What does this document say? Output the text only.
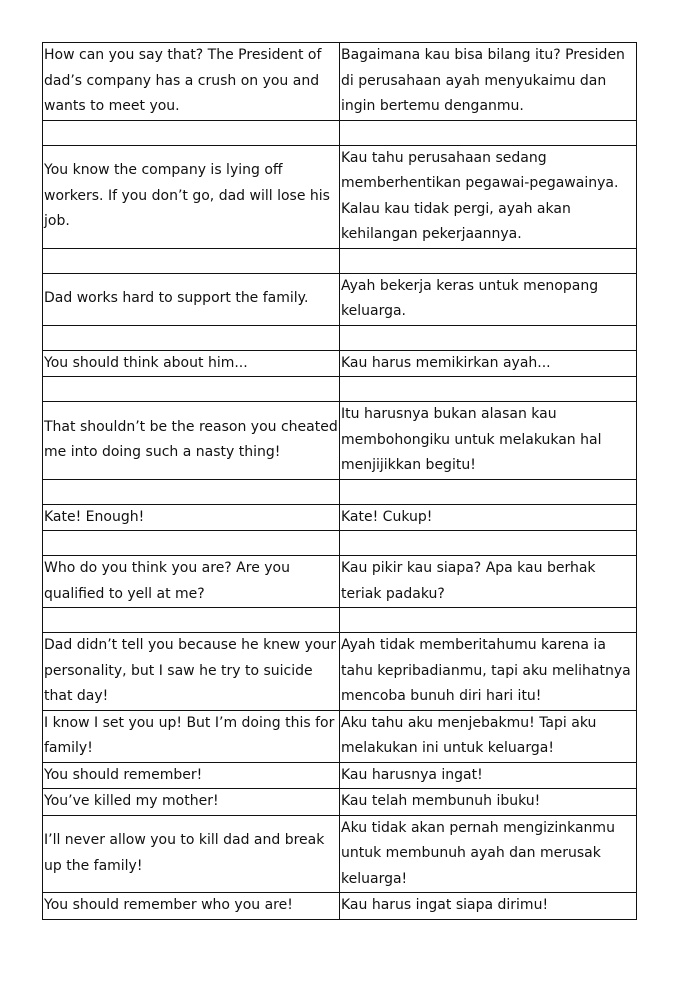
How can you say that? The President of dad’s company has a crush on you and wants to meet you.	Bagaimana kau bisa bilang itu? Presiden di perusahaan ayah menyukaimu dan ingin bertemu denganmu.

You know the company is lying off workers. If you don’t go, dad will lose his job.	Kau tahu perusahaan sedang memberhentikan pegawai-pegawainya. Kalau kau tidak pergi, ayah akan kehilangan pekerjaannya.

Dad works hard to support the family.	Ayah bekerja keras untuk menopang keluarga.

You should think about him...	Kau harus memikirkan ayah...

That shouldn’t be the reason you cheated me into doing such a nasty thing!	Itu harusnya bukan alasan kau membohongiku untuk melakukan hal menjijikkan begitu!

Kate! Enough!	Kate! Cukup!

Who do you think you are? Are you qualified to yell at me?	Kau pikir kau siapa? Apa kau berhak teriak padaku?

Dad didn’t tell you because he knew your personality, but I saw he try to suicide that day!	Ayah tidak memberitahumu karena ia tahu kepribadianmu, tapi aku melihatnya mencoba bunuh diri hari itu!
I know I set you up! But I’m doing this for family!	Aku tahu aku menjebakmu! Tapi aku melakukan ini untuk keluarga!
You should remember!	Kau harusnya ingat!
You’ve killed my mother!	Kau telah membunuh ibuku!
I’ll never allow you to kill dad and break up the family!	Aku tidak akan pernah mengizinkanmu untuk membunuh ayah dan merusak keluarga!
You should remember who you are!	Kau harus ingat siapa dirimu!
